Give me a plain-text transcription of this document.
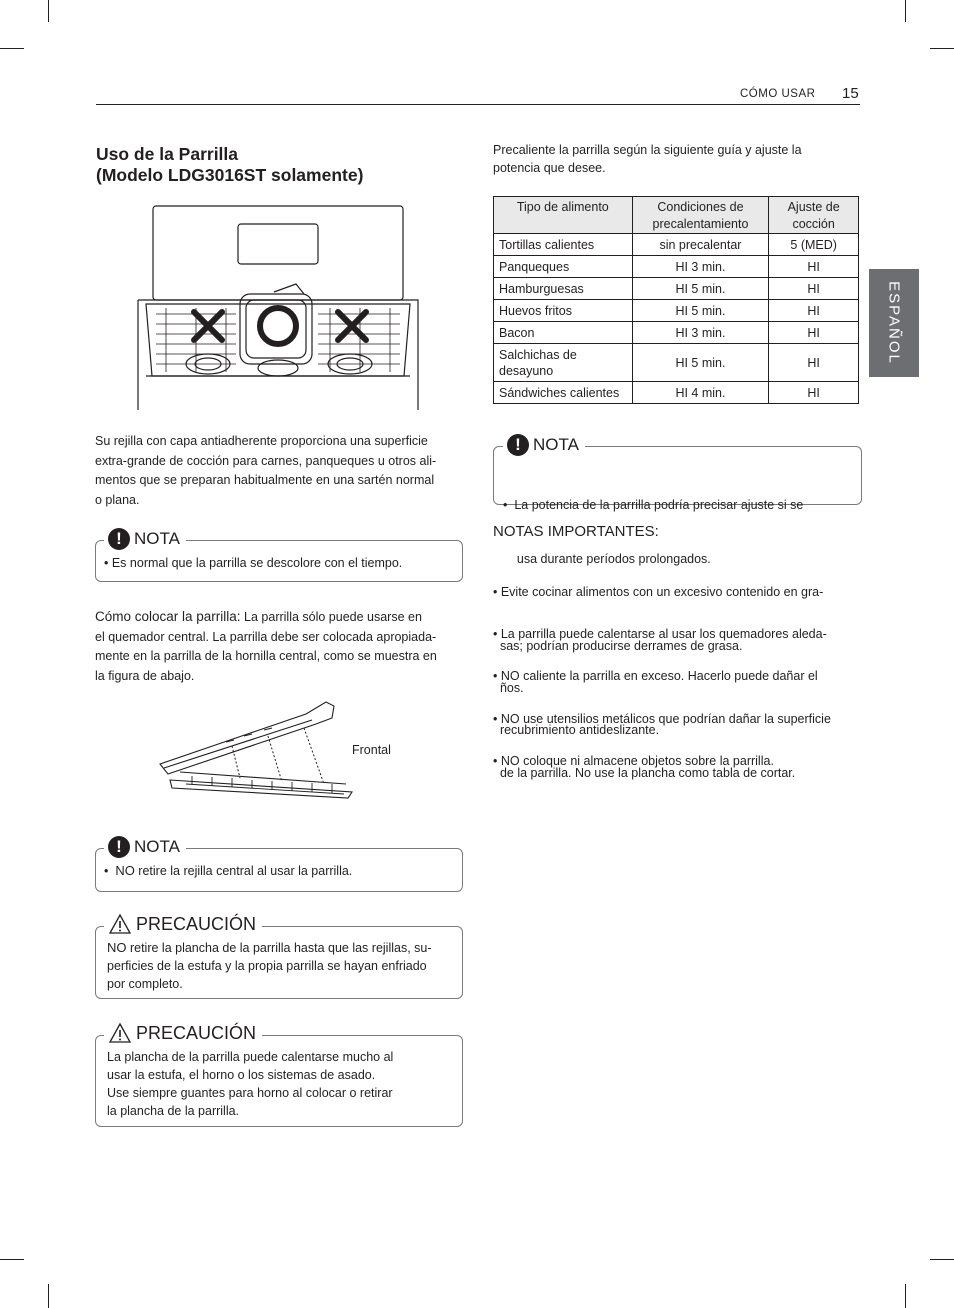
CÓMO USAR 15
ESPAÑOL
Uso de la Parrilla
(Modelo LDG3016ST solamente)
Su rejilla con capa antiadherente proporciona una superficie
extra-grande de cocción para carnes, panqueques u otros ali-
mentos que se preparan habitualmente en una sartén normal
o plana.
! NOTA
• Es normal que la parrilla se descolore con el tiempo.
Cómo colocar la parrilla: La parrilla sólo puede usarse en
el quemador central. La parrilla debe ser colocada apropiada-
mente en la parrilla de la hornilla central, como se muestra en
la figura de abajo.
Frontal
! NOTA
•  NO retire la rejilla central al usar la parrilla.
PRECAUCIÓN
NO retire la plancha de la parrilla hasta que las rejillas, su-
perficies de la estufa y la propia parrilla se hayan enfriado
por completo.
PRECAUCIÓN
La plancha de la parrilla puede calentarse mucho al
usar la estufa, el horno o los sistemas de asado.
Use siempre guantes para horno al colocar o retirar
la plancha de la parrilla.
Precaliente la parrilla según la siguiente guía y ajuste la
potencia que desee.
Tipo de alimento	Condiciones de precalentamiento	Ajuste de cocción
Tortillas calientes	sin precalentar	5 (MED)
Panqueques	HI 3 min.	HI
Hamburguesas	HI 5 min.	HI
Huevos fritos	HI 5 min.	HI
Bacon	HI 3 min.	HI
Salchichas de desayuno	HI 5 min.	HI
Sándwiches calientes	HI 4 min.	HI
! NOTA

•  La potencia de la parrilla podría precisar ajuste si se

usa durante períodos prolongados.

NOTAS IMPORTANTES:

• Evite cocinar alimentos con un excesivo contenido en gra-

sas; podrían producirse derrames de grasa.

• La parrilla puede calentarse al usar los quemadores aleda-

ños.

• NO caliente la parrilla en exceso. Hacerlo puede dañar el

recubrimiento antideslizante.

• NO use utensilios metálicos que podrían dañar la superficie

de la parrilla. No use la plancha como tabla de cortar.

• NO coloque ni almacene objetos sobre la parrilla.
